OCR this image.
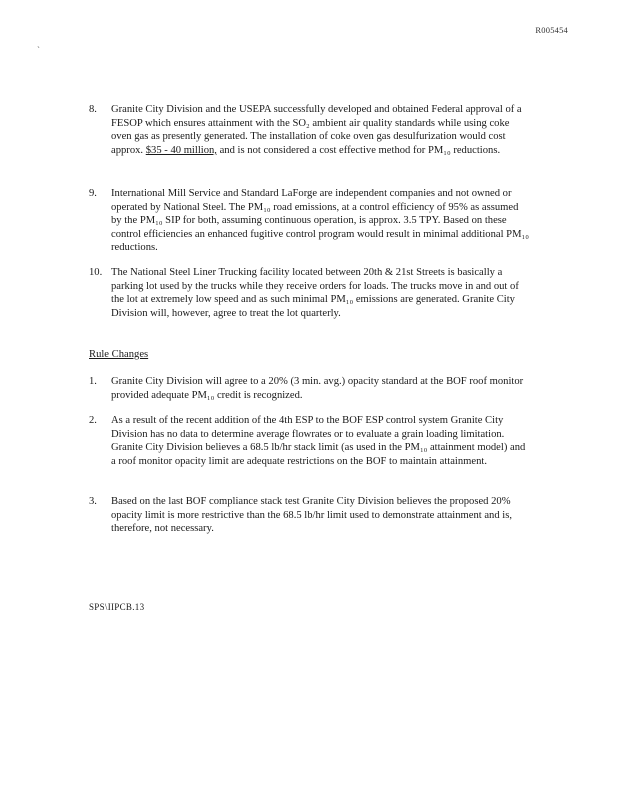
R005454
`
8.	Granite City Division and the USEPA successfully developed and obtained Federal approval of a FESOP which ensures attainment with the SO₂ ambient air quality standards while using coke oven gas as presently generated. The installation of coke oven gas desulfurization would cost approx. $35 - 40 million, and is not considered a cost effective method for PM₁₀ reductions.
9.	International Mill Service and Standard LaForge are independent companies and not owned or operated by National Steel. The PM₁₀ road emissions, at a control efficiency of 95% as assumed by the PM₁₀ SIP for both, assuming continuous operation, is approx. 3.5 TPY. Based on these control efficiencies an enhanced fugitive control program would result in minimal additional PM₁₀ reductions.
10. The National Steel Liner Trucking facility located between 20th & 21st Streets is basically a parking lot used by the trucks while they receive orders for loads. The trucks move in and out of the lot at extremely low speed and as such minimal PM₁₀ emissions are generated. Granite City Division will, however, agree to treat the lot quarterly.
Rule Changes
1.	Granite City Division will agree to a 20% (3 min. avg.) opacity standard at the BOF roof monitor provided adequate PM₁₀ credit is recognized.
2.	As a result of the recent addition of the 4th ESP to the BOF ESP control system Granite City Division has no data to determine average flowrates or to evaluate a grain loading limitation. Granite City Division believes a 68.5 lb/hr stack limit (as used in the PM₁₀ attainment model) and a roof monitor opacity limit are adequate restrictions on the BOF to maintain attainment.
3.	Based on the last BOF compliance stack test Granite City Division believes the proposed 20% opacity limit is more restrictive than the 68.5 lb/hr limit used to demonstrate attainment and is, therefore, not necessary.
SPS\IIPCB.13
